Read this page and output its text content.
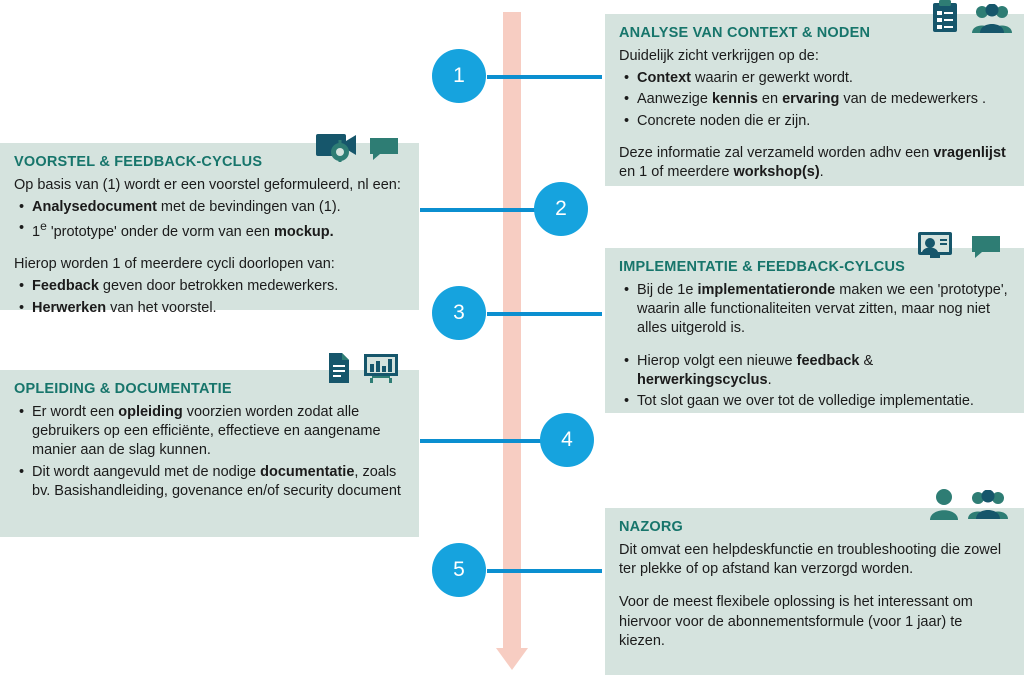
1
2
3
4
5
ANALYSE VAN CONTEXT & NODEN

Duidelijk zicht verkrijgen op de:

• Context waarin er gewerkt wordt.
• Aanwezige kennis en ervaring van de medewerkers .
• Concrete noden die er zijn.

Deze informatie zal verzameld worden adhv een vragenlijst en 1 of meerdere workshop(s).

VOORSTEL & FEEDBACK-CYCLUS

Op basis van (1) wordt er een voorstel geformuleerd, nl een:

• Analysedocument met de bevindingen van (1).
• 1e 'prototype' onder de vorm van een mockup.

Hierop worden 1 of meerdere cycli doorlopen van:

• Feedback geven door betrokken medewerkers.
• Herwerken van het voorstel.
IMPLEMENTATIE & FEEDBACK-CYLCUS
• Bij de 1e implementatieronde maken we een 'prototype', waarin alle functionaliteiten vervat zitten, maar nog niet alles uitgerold is.
• Hierop volgt een nieuwe feedback & herwerkingscyclus.
• Tot slot gaan we over tot de volledige implementatie.
OPLEIDING & DOCUMENTATIE
• Er wordt een opleiding voorzien worden zodat alle gebruikers op een efficiënte, effectieve en aangename manier aan de slag kunnen.
• Dit wordt aangevuld met de nodige documentatie, zoals bv. Basishandleiding, govenance en/of security document
NAZORG

Dit omvat een helpdeskfunctie en troubleshooting die zowel ter plekke of op afstand kan verzorgd worden.

Voor de meest flexibele oplossing is het interessant om hiervoor voor de abonnementsformule (voor 1 jaar) te kiezen.
